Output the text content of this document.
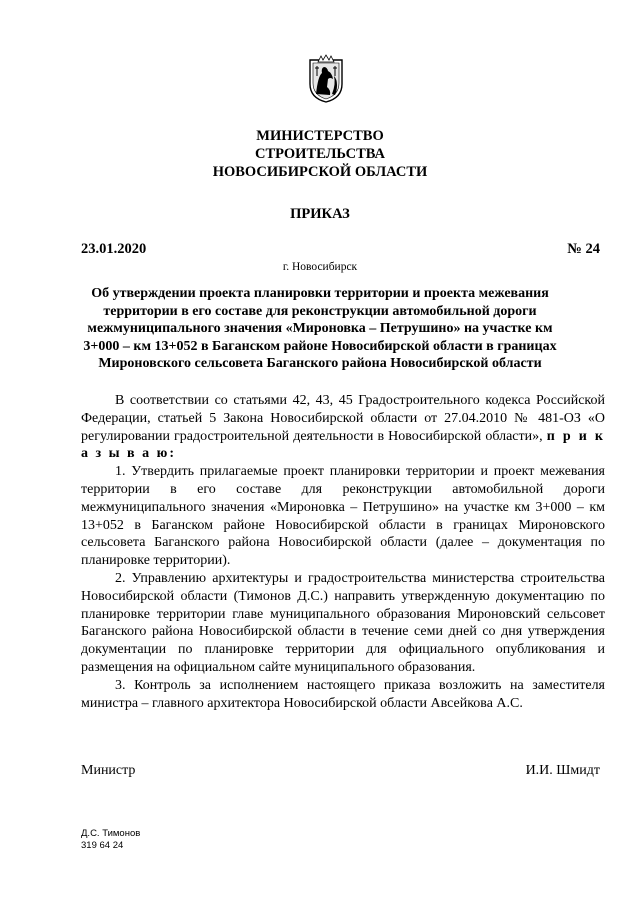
МИНИСТЕРСТВО
СТРОИТЕЛЬСТВА
НОВОСИБИРСКОЙ ОБЛАСТИ
ПРИКАЗ
23.01.2020	№ 24
г. Новосибирск
Об утверждении проекта планировки территории и проекта межевания территории в его составе для реконструкции автомобильной дороги межмуниципального значения «Мироновка – Петрушино» на участке км 3+000 – км 13+052 в Баганском районе Новосибирской области в границах Мироновского сельсовета Баганского района Новосибирской области

В соответствии со статьями 42, 43, 45 Градостроительного кодекса Российской Федерации, статьей 5 Закона Новосибирской области от 27.04.2010 № 481-ОЗ «О регулировании градостроительной деятельности в Новосибирской области», п р и к а з ы в а ю:

1. Утвердить прилагаемые проект планировки территории и проект межевания территории в его составе для реконструкции автомобильной дороги межмуниципального значения «Мироновка – Петрушино» на участке км 3+000 – км 13+052 в Баганском районе Новосибирской области в границах Мироновского сельсовета Баганского района Новосибирской области (далее – документация по планировке территории).

2. Управлению архитектуры и градостроительства министерства строительства Новосибирской области (Тимонов Д.С.) направить утвержденную документацию по планировке территории главе муниципального образования Мироновский сельсовет Баганского района Новосибирской области в течение семи дней со дня утверждения документации по планировке территории для официального опубликования и размещения на официальном сайте муниципального образования.

3. Контроль за исполнением настоящего приказа возложить на заместителя министра – главного архитектора Новосибирской области Авсейкова А.С.

Министр	И.И. Шмидт
Д.С. Тимонов
319 64 24
